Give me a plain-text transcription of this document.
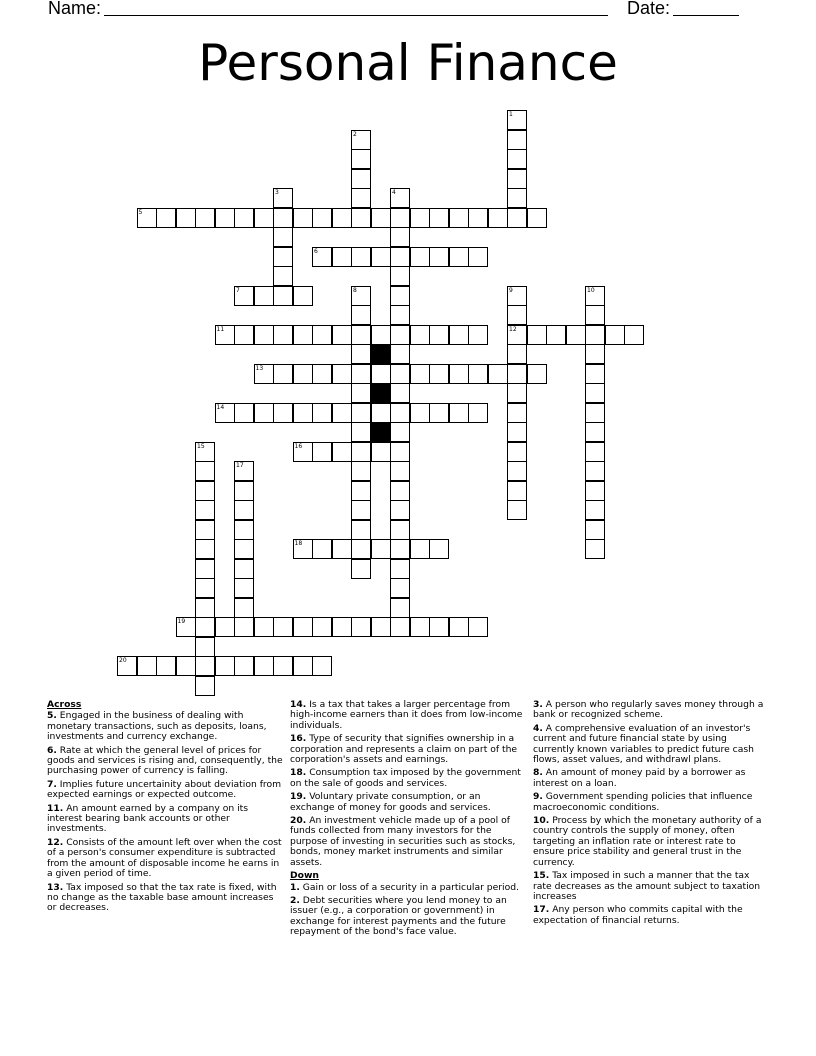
Name:	Date:
Personal Finance
1
2
3	4
5
6
7	8	9
12
10
11
13
14
15	16
17
18
19
20
Across
5. Engaged in the business of dealing with monetary transactions, such as deposits, loans, investments and currency exchange.
6. Rate at which the general level of prices for goods and services is rising and, consequently, the purchasing power of currency is falling.
7. Implies future uncertainity about deviation from expected earnings or expected outcome.
11. An amount earned by a company on its interest bearing bank accounts or other investments.
12. Consists of the amount left over when the cost of a person's consumer expenditure is subtracted from the amount of disposable income he earns in a given period of time.
13. Tax imposed so that the tax rate is fixed, with no change as the taxable base amount increases or decreases.
14. Is a tax that takes a larger percentage from high-income earners than it does from low-income individuals.
16. Type of security that signifies ownership in a corporation and represents a claim on part of the corporation's assets and earnings.
18. Consumption tax imposed by the government on the sale of goods and services.
19. Voluntary private consumption, or an exchange of money for goods and services.
20. An investment vehicle made up of a pool of funds collected from many investors for the purpose of investing in securities such as stocks, bonds, money market instruments and similar assets.
Down
1. Gain or loss of a security in a particular period.
2. Debt securities where you lend money to an issuer (e.g., a corporation or government) in exchange for interest payments and the future repayment of the bond's face value.
3. A person who regularly saves money through a bank or recognized scheme.
4. A comprehensive evaluation of an investor's current and future financial state by using currently known variables to predict future cash flows, asset values, and withdrawl plans.
8. An amount of money paid by a borrower as interest on a loan.
9. Government spending policies that influence macroeconomic conditions.
10. Process by which the monetary authority of a country controls the supply of money, often targeting an inflation rate or interest rate to ensure price stability and general trust in the currency.
15. Tax imposed in such a manner that the tax rate decreases as the amount subject to taxation increases
17. Any person who commits capital with the expectation of financial returns.
